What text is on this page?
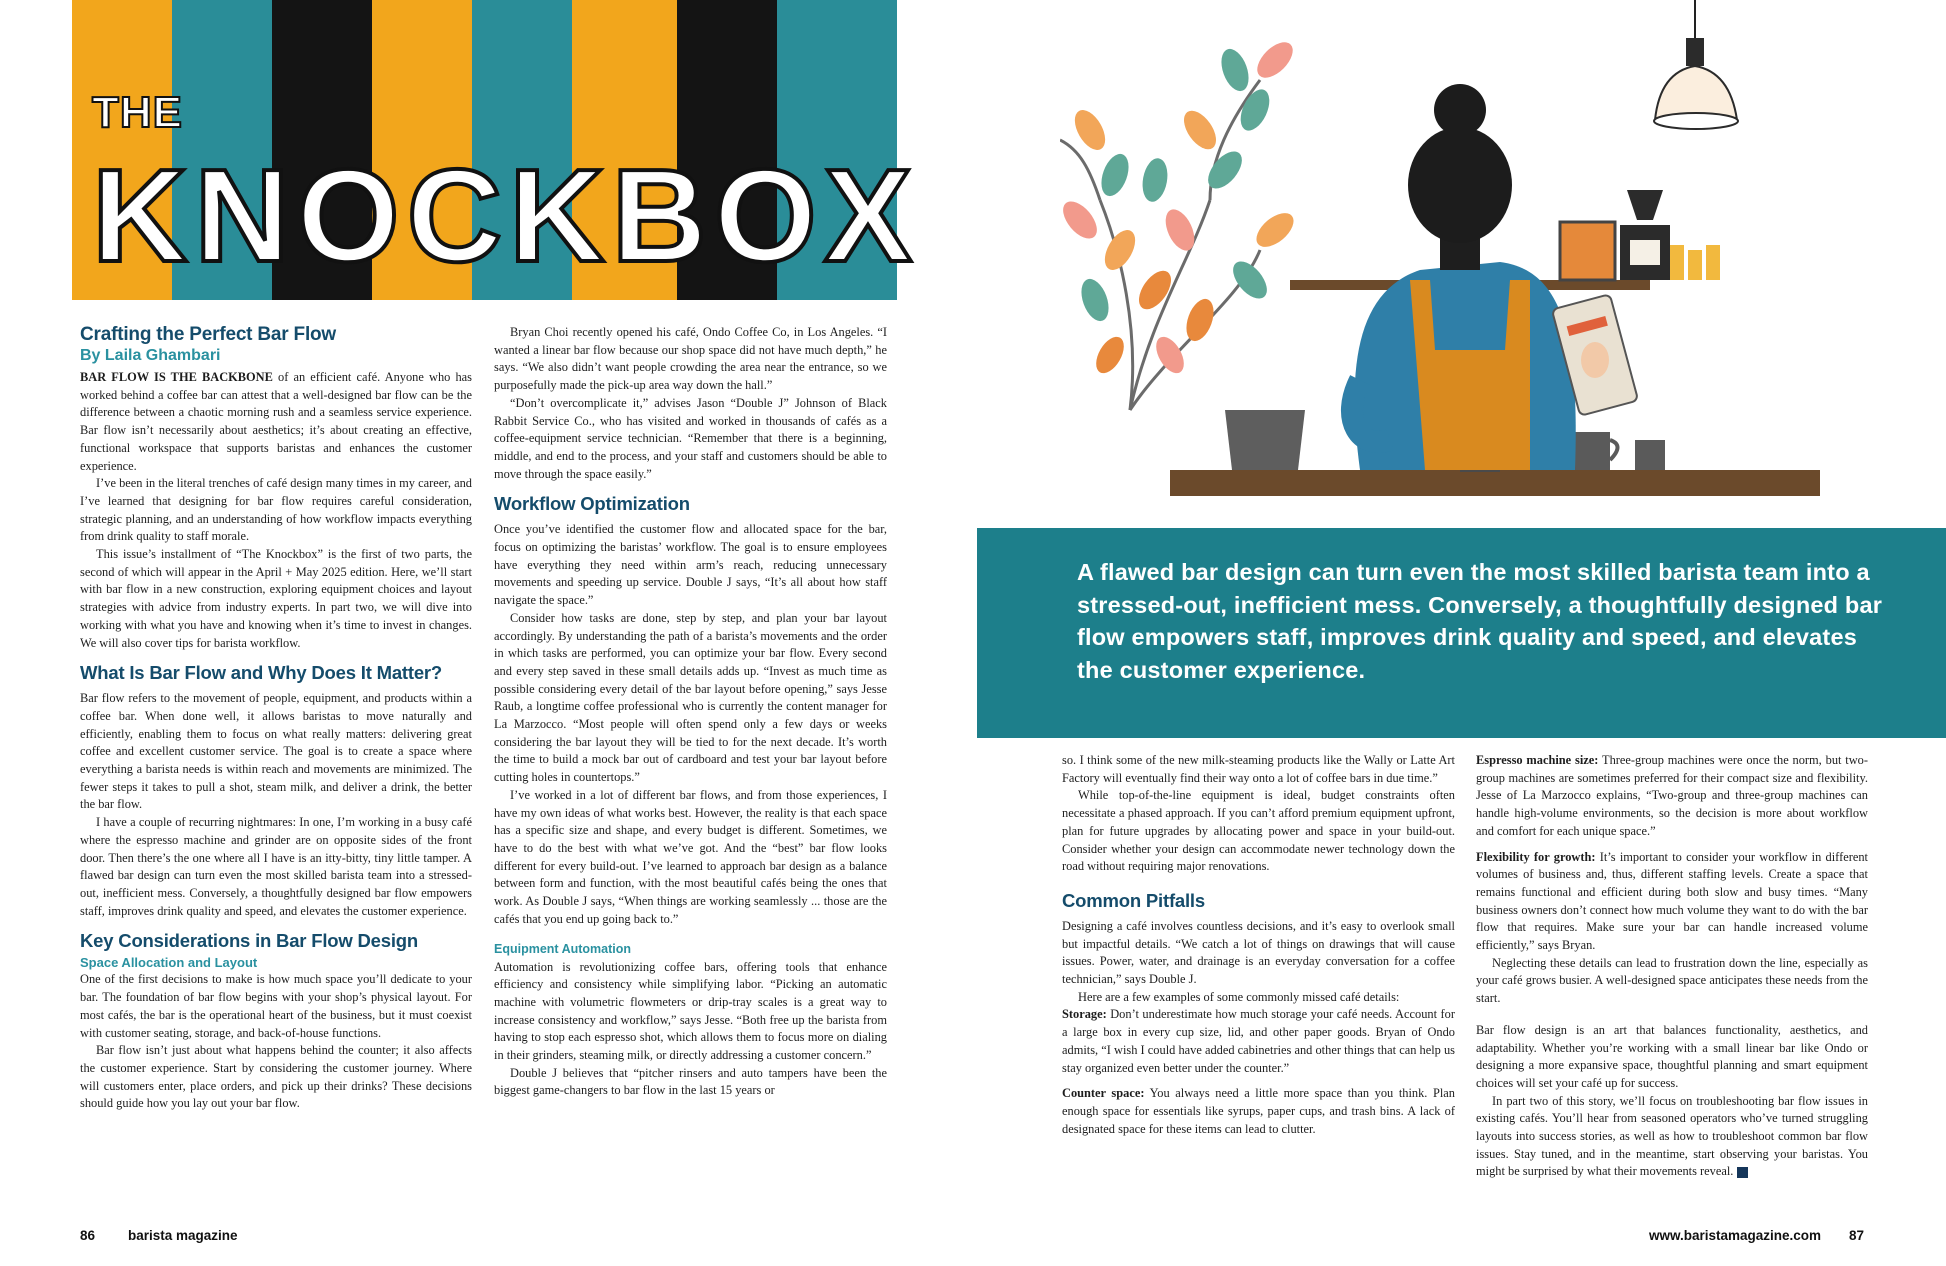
THE
K N O C K B O X
A flawed bar design can turn even the most skilled barista team into a stressed-out, inefficient mess. Conversely, a thoughtfully designed bar flow empowers staff, improves drink quality and speed, and elevates the customer experience.
Crafting the Perfect Bar Flow
By Laila Ghambari

BAR FLOW IS THE BACKBONE of an efficient café. Anyone who has worked behind a coffee bar can attest that a well-designed bar flow can be the difference between a chaotic morning rush and a seamless service experience. Bar flow isn’t necessarily about aesthetics; it’s about creating an effective, functional workspace that supports baristas and enhances the customer experience.

I’ve been in the literal trenches of café design many times in my career, and I’ve learned that designing for bar flow requires careful consideration, strategic planning, and an understanding of how workflow impacts everything from drink quality to staff morale.

This issue’s installment of “The Knockbox” is the first of two parts, the second of which will appear in the April + May 2025 edition. Here, we’ll start with bar flow in a new construction, exploring equipment choices and layout strategies with advice from industry experts. In part two, we will dive into working with what you have and knowing when it’s time to invest in changes. We will also cover tips for barista workflow.

What Is Bar Flow and Why Does It Matter?

Bar flow refers to the movement of people, equipment, and products within a coffee bar. When done well, it allows baristas to move naturally and efficiently, enabling them to focus on what really matters: delivering great coffee and excellent customer service. The goal is to create a space where everything a barista needs is within reach and movements are minimized. The fewer steps it takes to pull a shot, steam milk, and deliver a drink, the better the bar flow.

I have a couple of recurring nightmares: In one, I’m working in a busy café where the espresso machine and grinder are on opposite sides of the front door. Then there’s the one where all I have is an itty-bitty, tiny little tamper. A flawed bar design can turn even the most skilled barista team into a stressed-out, inefficient mess. Conversely, a thoughtfully designed bar flow empowers staff, improves drink quality and speed, and elevates the customer experience.

Key Considerations in Bar Flow Design
Space Allocation and Layout

One of the first decisions to make is how much space you’ll dedicate to your bar. The foundation of bar flow begins with your shop’s physical layout. For most cafés, the bar is the operational heart of the business, but it must coexist with customer seating, storage, and back-of-house functions.

Bar flow isn’t just about what happens behind the counter; it also affects the customer experience. Start by considering the customer journey. Where will customers enter, place orders, and pick up their drinks? These decisions should guide how you lay out your bar flow.

Bryan Choi recently opened his café, Ondo Coffee Co, in Los Angeles. “I wanted a linear bar flow because our shop space did not have much depth,” he says. “We also didn’t want people crowding the area near the entrance, so we purposefully made the pick-up area way down the hall.”

“Don’t overcomplicate it,” advises Jason “Double J” Johnson of Black Rabbit Service Co., who has visited and worked in thousands of cafés as a coffee-equipment service technician. “Remember that there is a beginning, middle, and end to the process, and your staff and customers should be able to move through the space easily.”

Workflow Optimization

Once you’ve identified the customer flow and allocated space for the bar, focus on optimizing the baristas’ workflow. The goal is to ensure employees have everything they need within arm’s reach, reducing unnecessary movements and speeding up service. Double J says, “It’s all about how staff navigate the space.”

Consider how tasks are done, step by step, and plan your bar layout accordingly. By understanding the path of a barista’s movements and the order in which tasks are performed, you can optimize your bar flow. Every second and every step saved in these small details adds up. “Invest as much time as possible considering every detail of the bar layout before opening,” says Jesse Raub, a longtime coffee professional who is currently the content manager for La Marzocco. “Most people will often spend only a few days or weeks considering the bar layout they will be tied to for the next decade. It’s worth the time to build a mock bar out of cardboard and test your bar layout before cutting holes in countertops.”

I’ve worked in a lot of different bar flows, and from those experiences, I have my own ideas of what works best. However, the reality is that each space has a specific size and shape, and every budget is different. Sometimes, we have to do the best with what we’ve got. And the “best” bar flow looks different for every build-out. I’ve learned to approach bar design as a balance between form and function, with the most beautiful cafés being the ones that work. As Double J says, “When things are working seamlessly ... those are the cafés that you end up going back to.”

Equipment Automation

Automation is revolutionizing coffee bars, offering tools that enhance efficiency and consistency while simplifying labor. “Picking an automatic machine with volumetric flowmeters or drip-tray scales is a great way to increase consistency and workflow,” says Jesse. “Both free up the barista from having to stop each espresso shot, which allows them to focus more on dialing in their grinders, steaming milk, or directly addressing a customer concern.”

Double J believes that “pitcher rinsers and auto tampers have been the biggest game-changers to bar flow in the last 15 years or

so. I think some of the new milk-steaming products like the Wally or Latte Art Factory will eventually find their way onto a lot of coffee bars in due time.”

While top-of-the-line equipment is ideal, budget constraints often necessitate a phased approach. If you can’t afford premium equipment upfront, plan for future upgrades by allocating power and space in your build-out. Consider whether your design can accommodate newer technology down the road without requiring major renovations.

Common Pitfalls

Designing a café involves countless decisions, and it’s easy to overlook small but impactful details. “We catch a lot of things on drawings that will cause issues. Power, water, and drainage is an everyday conversation for a coffee technician,” says Double J.

Here are a few examples of some commonly missed café details:

Storage: Don’t underestimate how much storage your café needs. Account for a large box in every cup size, lid, and other paper goods. Bryan of Ondo admits, “I wish I could have added cabinetries and other things that can help us stay organized even better under the counter.”

Counter space: You always need a little more space than you think. Plan enough space for essentials like syrups, paper cups, and trash bins. A lack of designated space for these items can lead to clutter.

Espresso machine size: Three-group machines were once the norm, but two-group machines are sometimes preferred for their compact size and flexibility. Jesse of La Marzocco explains, “Two-group and three-group machines can handle high-volume environments, so the decision is more about workflow and comfort for each unique space.”

Flexibility for growth: It’s important to consider your workflow in different volumes of business and, thus, different staffing levels. Create a space that remains functional and efficient during both slow and busy times. “Many business owners don’t connect how much volume they want to do with the bar flow that requires. Make sure your bar can handle increased volume efficiently,” says Bryan.

Neglecting these details can lead to frustration down the line, especially as your café grows busier. A well-designed space anticipates these needs from the start.

Bar flow design is an art that balances functionality, aesthetics, and adaptability. Whether you’re working with a small linear bar like Ondo or designing a more expansive space, thoughtful planning and smart equipment choices will set your café up for success.

In part two of this story, we’ll focus on troubleshooting bar flow issues in existing cafés. You’ll hear from seasoned operators who’ve turned struggling layouts into success stories, as well as how to troubleshoot common bar flow issues. Stay tuned, and in the meantime, start observing your baristas. You might be surprised by what their movements reveal. b

86 barista magazine	www.baristamagazine.com 87
